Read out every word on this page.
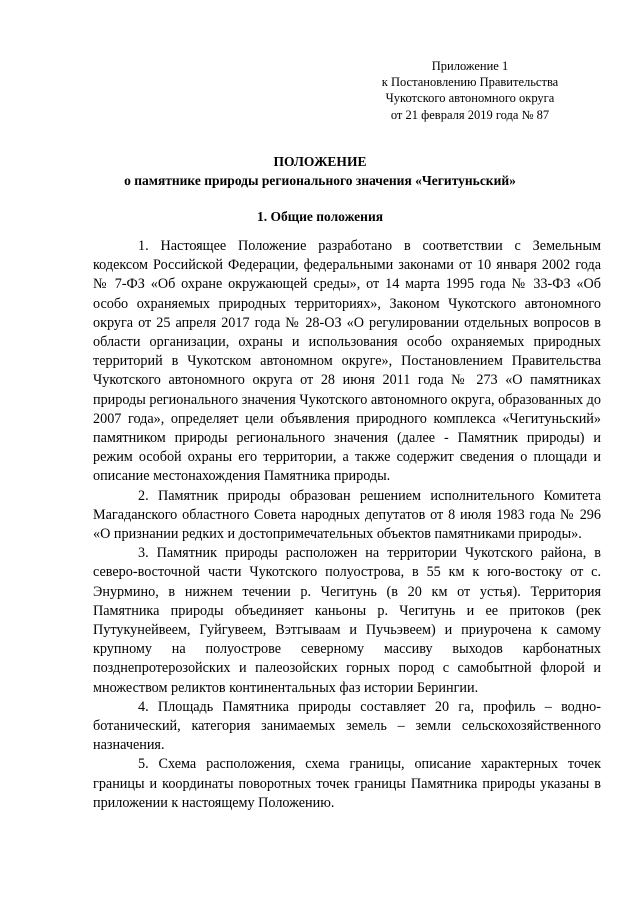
Приложение 1
к Постановлению Правительства
Чукотского автономного округа
от 21 февраля 2019 года № 87
ПОЛОЖЕНИЕ
о памятнике природы регионального значения «Чегитуньский»
1. Общие положения

1. Настоящее Положение разработано в соответствии с Земельным кодексом Российской Федерации, федеральными законами от 10 января 2002 года № 7-ФЗ «Об охране окружающей среды», от 14 марта 1995 года № 33-ФЗ «Об особо охраняемых природных территориях», Законом Чукотского автономного округа от 25 апреля 2017 года № 28-ОЗ «О регулировании отдельных вопросов в области организации, охраны и использования особо охраняемых природных территорий в Чукотском автономном округе», Постановлением Правительства Чукотского автономного округа от 28 июня 2011 года № 273 «О памятниках природы регионального значения Чукотского автономного округа, образованных до 2007 года», определяет цели объявления природного комплекса «Чегитуньский» памятником природы регионального значения (далее - Памятник природы) и режим особой охраны его территории, а также содержит сведения о площади и описание местонахождения Памятника природы.

2. Памятник природы образован решением исполнительного Комитета Магаданского областного Совета народных депутатов от 8 июля 1983 года № 296 «О признании редких и достопримечательных объектов памятниками природы».

3. Памятник природы расположен на территории Чукотского района, в северо-восточной части Чукотского полуострова, в 55 км к юго-востоку от с. Энурмино, в нижнем течении р. Чегитунь (в 20 км от устья). Территория Памятника природы объединяет каньоны р. Чегитунь и ее притоков (рек Путукунейвеем, Гуйгувеем, Вэтгываам и Пучьэвеем) и приурочена к самому крупному на полуострове северному массиву выходов карбонатных позднепротерозойских и палеозойских горных пород с самобытной флорой и множеством реликтов континентальных фаз истории Берингии.

4. Площадь Памятника природы составляет 20 га, профиль – водно-ботанический, категория занимаемых земель – земли сельскохозяйственного назначения.

5. Схема расположения, схема границы, описание характерных точек границы и координаты поворотных точек границы Памятника природы указаны в приложении к настоящему Положению.
